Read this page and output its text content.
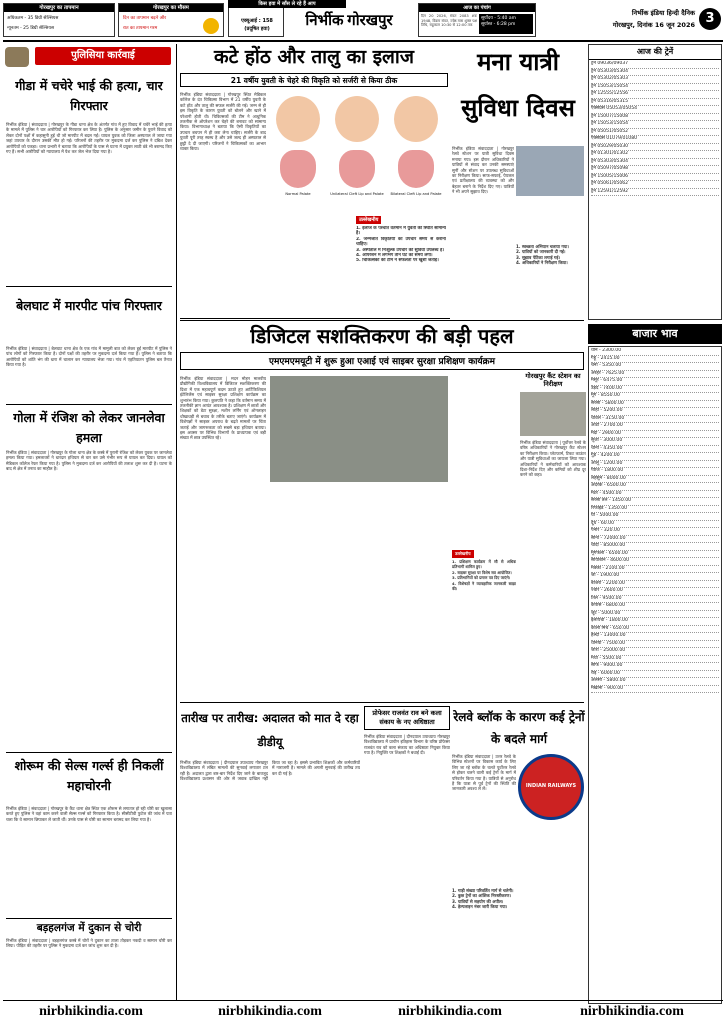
गोरखपुर का तापमान
अधिकतम - 35 डिग्री सेल्सियस
न्यूनतम - 25 डिग्री सेल्सियस
गोरखपुर का मौसम
दिन का तापमान बढ़ने और
रात का तापमान गरम
एक्यूआई : 158
(प्रदूषित हवा)
किस हवा में साँस ले रहे हैं आप
निर्भीक गोरखपुर
आज का पंचांग
दिन 20 2026, संवत 2083 शक 1948, विक्रम संवत, ज्येष्ठ मास शुक्ल पक्ष तिथि, राहुकाल 10:30 से 12:00 तक
सूर्योदय - 5:40 am
सूर्यास्त - 6:28 pm
निर्भीक इंडिया हिन्दी दैनिक
गोरखपुर, दिनांक 16 जून 2026 3
पुलिसिया कार्रवाई
गीडा में चचेरे भाई की हत्या, चार गिरफ्तार
निर्भीक इंडिया | संवाददाता | गोरखपुर के गीडा थाना क्षेत्र के अंतर्गत गांव में हुए विवाद में चचेरे भाई की हत्या के मामले में पुलिस ने चार आरोपियों को गिरफ्तार कर लिया है। पुलिस के अनुसार जमीन के पुराने विवाद को लेकर दोनों पक्षों में कहासुनी हुई थी जो मारपीट में बदल गई। घायल युवक को जिला अस्पताल ले जाया गया जहां उपचार के दौरान उसकी मौत हो गई। परिजनों की तहरीर पर मुकदमा दर्ज कर पुलिस ने दबिश देकर आरोपियों को पकड़ा। थाना प्रभारी ने बताया कि आरोपियों के पास से घटना में प्रयुक्त लाठी डंडे भी बरामद किए गए हैं। सभी आरोपियों को न्यायालय में पेश कर जेल भेज दिया गया है।
बेलघाट में मारपीट पांच गिरफ्तार
निर्भीक इंडिया | संवाददाता | बेलघाट थाना क्षेत्र के एक गांव में मामूली बात को लेकर हुई मारपीट में पुलिस ने पांच लोगों को गिरफ्तार किया है। दोनों पक्षों की तहरीर पर मुकदमा दर्ज किया गया है। पुलिस ने बताया कि आरोपियों को शांति भंग की धारा में चालान कर न्यायालय भेजा गया। गांव में एहतियातन पुलिस बल तैनात किया गया है।
गोला में रंजिश को लेकर जानलेवा हमला
निर्भीक इंडिया | संवाददाता | गोरखपुर के गोला थाना क्षेत्र के कस्बे में पुरानी रंजिश को लेकर युवक पर जानलेवा हमला किया गया। हमलावरों ने धारदार हथियार से वार कर उसे गंभीर रूप से घायल कर दिया। घायल को मेडिकल कॉलेज रेफर किया गया है। पुलिस ने मुकदमा दर्ज कर आरोपियों की तलाश शुरू कर दी है। घटना के बाद से क्षेत्र में तनाव का माहौल है।
शोरूम की सेल्स गर्ल्स ही निकलीं महाचोरनी
निर्भीक इंडिया | संवाददाता | गोरखपुर के कैंट थाना क्षेत्र स्थित एक शोरूम से लगातार हो रही चोरी का खुलासा करते हुए पुलिस ने वहां काम करने वाली सेल्स गर्ल्स को गिरफ्तार किया है। सीसीटीवी फुटेज की जांच में पता चला कि वे सामान छिपाकर ले जाती थीं। उनके पास से चोरी का सामान बरामद कर लिया गया है।
बड़हलगंज में दुकान से चोरी
निर्भीक इंडिया | संवाददाता | बड़हलगंज कस्बे में चोरों ने दुकान का ताला तोड़कर नकदी व सामान चोरी कर लिया। पीड़ित की तहरीर पर पुलिस ने मुकदमा दर्ज कर जांच शुरू कर दी है।
कटे होंठ और तालु का इलाज
21 वर्षीय युवती के चेहरे की विकृति को सर्जरी से किया ठीक
निर्भीक इंडिया संवाददाता | गोरखपुर स्थित मेडिकल कॉलेज के दंत चिकित्सा विभाग में 21 वर्षीय युवती के कटे होंठ और तालु की सफल सर्जरी की गई। जन्म से ही इस विकृति के कारण युवती को बोलने और खाने में परेशानी होती थी। चिकित्सकों की टीम ने आधुनिक तकनीक से ऑपरेशन कर चेहरे की बनावट को सामान्य किया। विभागाध्यक्ष ने बताया कि ऐसी विकृतियों का उपचार बचपन में ही करा लेना चाहिए। सर्जरी के बाद युवती पूरी तरह स्वस्थ है और उसे जल्द ही अस्पताल से छुट्टी दे दी जाएगी। परिजनों ने चिकित्सकों का आभार व्यक्त किया।
Normal Palate	Unilateral Cleft Lip and Palate	Bilateral Cleft Lip and Palate
उल्लेखनीय
1. इलाज के पश्चात वर्तमान में युवती की स्थिति सामान्य है।
2. जन्मजात विकृतियों का उपचार समय से कराना चाहिए।
3. अस्पताल में निःशुल्क उपचार की सुविधा उपलब्ध है।
4. ऑपरेशन में लगभग तीन घंटे का समय लगा।
5. चिकित्सकों की टीम ने सफलता पर खुशी जताई।
मना यात्री
सुविधा दिवस
निर्भीक इंडिया संवाददाता | गोरखपुर रेलवे स्टेशन पर यात्री सुविधा दिवस मनाया गया। इस दौरान अधिकारियों ने यात्रियों से संवाद कर उनकी समस्याएं सुनीं और स्टेशन पर उपलब्ध सुविधाओं का निरीक्षण किया। साफ-सफाई, पेयजल एवं प्रतीक्षालय की व्यवस्था को और बेहतर बनाने के निर्देश दिए गए। यात्रियों ने भी अपने सुझाव दिए।
1. स्वच्छता अभियान चलाया गया।
2. यात्रियों को जानकारी दी गई।
3. सुझाव पेटिका लगाई गई।
4. अधिकारियों ने निरीक्षण किया।
आज की ट्रेनें
ट्रेन 09036/09037
ट्रेन 05303/05304
ट्रेन 05302/05303
ट्रेन 15053/15054
ट्रेन 12555/12556
ट्रेन 05316/05315
एक्सप्रेस 05053/05054
ट्रेन 15007/15008
ट्रेन 15053/15054
ट्रेन 05051/05052
एक्सप्रेस 01079/01080
ट्रेन 05029/05030
ट्रेन 01301/01302
ट्रेन 05303/05304
ट्रेन 05097/05098
ट्रेन 15005/15006
ट्रेन 05061/05062
ट्रेन 12591/12592
बाजार भाव
धान - 2300.00
गेहूं - 2415.00
चना - 5350.00
अरहर - 7625.00
मसूर - 6475.00
उड़द - 7400.00
मूंग - 8550.00
सरसों - 5800.00
लाही - 5200.00
चावल - 3150.00
आटा - 2700.00
मैदा - 2900.00
सूजी - 3000.00
चीनी - 4350.00
गुड़ - 4200.00
आलू - 1200.00
प्याज - 1800.00
लहसुन - 8000.00
अदरक - 6500.00
मटर - 4500.00
सरसों तेल - 1450.00
रिफाइंड - 1350.00
घी - 5000.00
दूध - 60.00
पनीर - 320.00
सोना - 72000.00
चांदी - 85000.00
मूंगफली - 6500.00
सोयाबीन - 4600.00
मक्का - 2100.00
जौ - 1900.00
बाजरा - 2200.00
ज्वार - 2600.00
तिल - 9500.00
कपास - 6800.00
जूट - 5000.00
इलायची - 1800.00
काली मिर्च - 650.00
हल्दी - 13000.00
धनिया - 7500.00
जीरा - 25000.00
मेथी - 5500.00
सौंफ - 9000.00
राई - 6000.00
अलसी - 5800.00
मखाना - 900.00
डिजिटल सशक्तिकरण की बड़ी पहल
एमएमएमयूटी में शुरू हुआ एआई एवं साइबर सुरक्षा प्रशिक्षण कार्यक्रम
निर्भीक इंडिया संवाददाता | मदन मोहन मालवीय प्रौद्योगिकी विश्वविद्यालय में डिजिटल सशक्तिकरण की दिशा में एक महत्वपूर्ण कदम उठाते हुए आर्टिफिशियल इंटेलिजेंस एवं साइबर सुरक्षा प्रशिक्षण कार्यक्रम का शुभारंभ किया गया। कुलपति ने कहा कि वर्तमान समय में तकनीकी ज्ञान अत्यंत आवश्यक है। प्रशिक्षण में छात्रों और शिक्षकों को डेटा सुरक्षा, मशीन लर्निंग एवं ऑनलाइन धोखाधड़ी से बचाव के तरीके बताए जाएंगे। कार्यक्रम में विशेषज्ञों ने साइबर अपराध के बढ़ते मामलों पर चिंता जताई और जागरूकता को सबसे बड़ा हथियार बताया। इस अवसर पर विभिन्न विभागों के प्राध्यापक एवं बड़ी संख्या में छात्र उपस्थित रहे।
गोरखपुर कैंट स्टेशन का निरीक्षण
निर्भीक इंडिया संवाददाता | पूर्वोत्तर रेलवे के वरिष्ठ अधिकारियों ने गोरखपुर कैंट स्टेशन का निरीक्षण किया। प्लेटफार्म, टिकट काउंटर और यात्री सुविधाओं का जायजा लिया गया। अधिकारियों ने कर्मचारियों को आवश्यक दिशा-निर्देश दिए और कमियों को शीघ्र दूर करने को कहा।
उल्लेखनीय
1. प्रशिक्षण कार्यक्रम में सौ से अधिक प्रतिभागी शामिल हुए।
2. साइबर सुरक्षा पर विशेष सत्र आयोजित।
3. प्रतिभागियों को प्रमाण पत्र दिए जाएंगे।
4. विशेषज्ञों ने व्यावहारिक जानकारी साझा की।
तारीख पर तारीख: अदालत को मात दे रहा डीडीयू
निर्भीक इंडिया संवाददाता | दीनदयाल उपाध्याय गोरखपुर विश्वविद्यालय में लंबित मामलों की सुनवाई लगातार टल रही है। अदालत द्वारा बार-बार निर्देश दिए जाने के बावजूद विश्वविद्यालय प्रशासन की ओर से जवाब दाखिल नहीं किया जा रहा है। इससे प्रभावित शिक्षकों और कर्मचारियों में नाराजगी है। मामले की अगली सुनवाई की तारीख तय कर दी गई है।
प्रोफेसर राजवंत राव बने कला संकाय के नए अधिष्ठाता
निर्भीक इंडिया संवाददाता | दीनदयाल उपाध्याय गोरखपुर विश्वविद्यालय में प्राचीन इतिहास विभाग के वरिष्ठ प्रोफेसर राजवंत राव को कला संकाय का अधिष्ठाता नियुक्त किया गया है। नियुक्ति पर शिक्षकों ने बधाई दी।
रेलवे ब्लॉक के कारण कई ट्रेनों के बदले मार्ग
निर्भीक इंडिया संवाददाता | उत्तर रेलवे के विभिन्न स्टेशनों पर विकास कार्य के लिए लिए जा रहे ब्लॉक के चलते पूर्वोत्तर रेलवे से होकर चलने वाली कई ट्रेनों के मार्ग में परिवर्तन किया गया है। यात्रियों से अनुरोध है कि यात्रा से पूर्व ट्रेनों की स्थिति की जानकारी अवश्य ले लें।	INDIAN RAILWAYS
1. गाड़ी संख्या परिवर्तित मार्ग से चलेगी।
2. कुछ ट्रेनों का आंशिक निरस्तीकरण।
3. यात्रियों से सहयोग की अपील।
4. हेल्पलाइन नंबर जारी किया गया।
nirbhikindia.com	nirbhikindia.com	nirbhikindia.com	nirbhikindia.com
